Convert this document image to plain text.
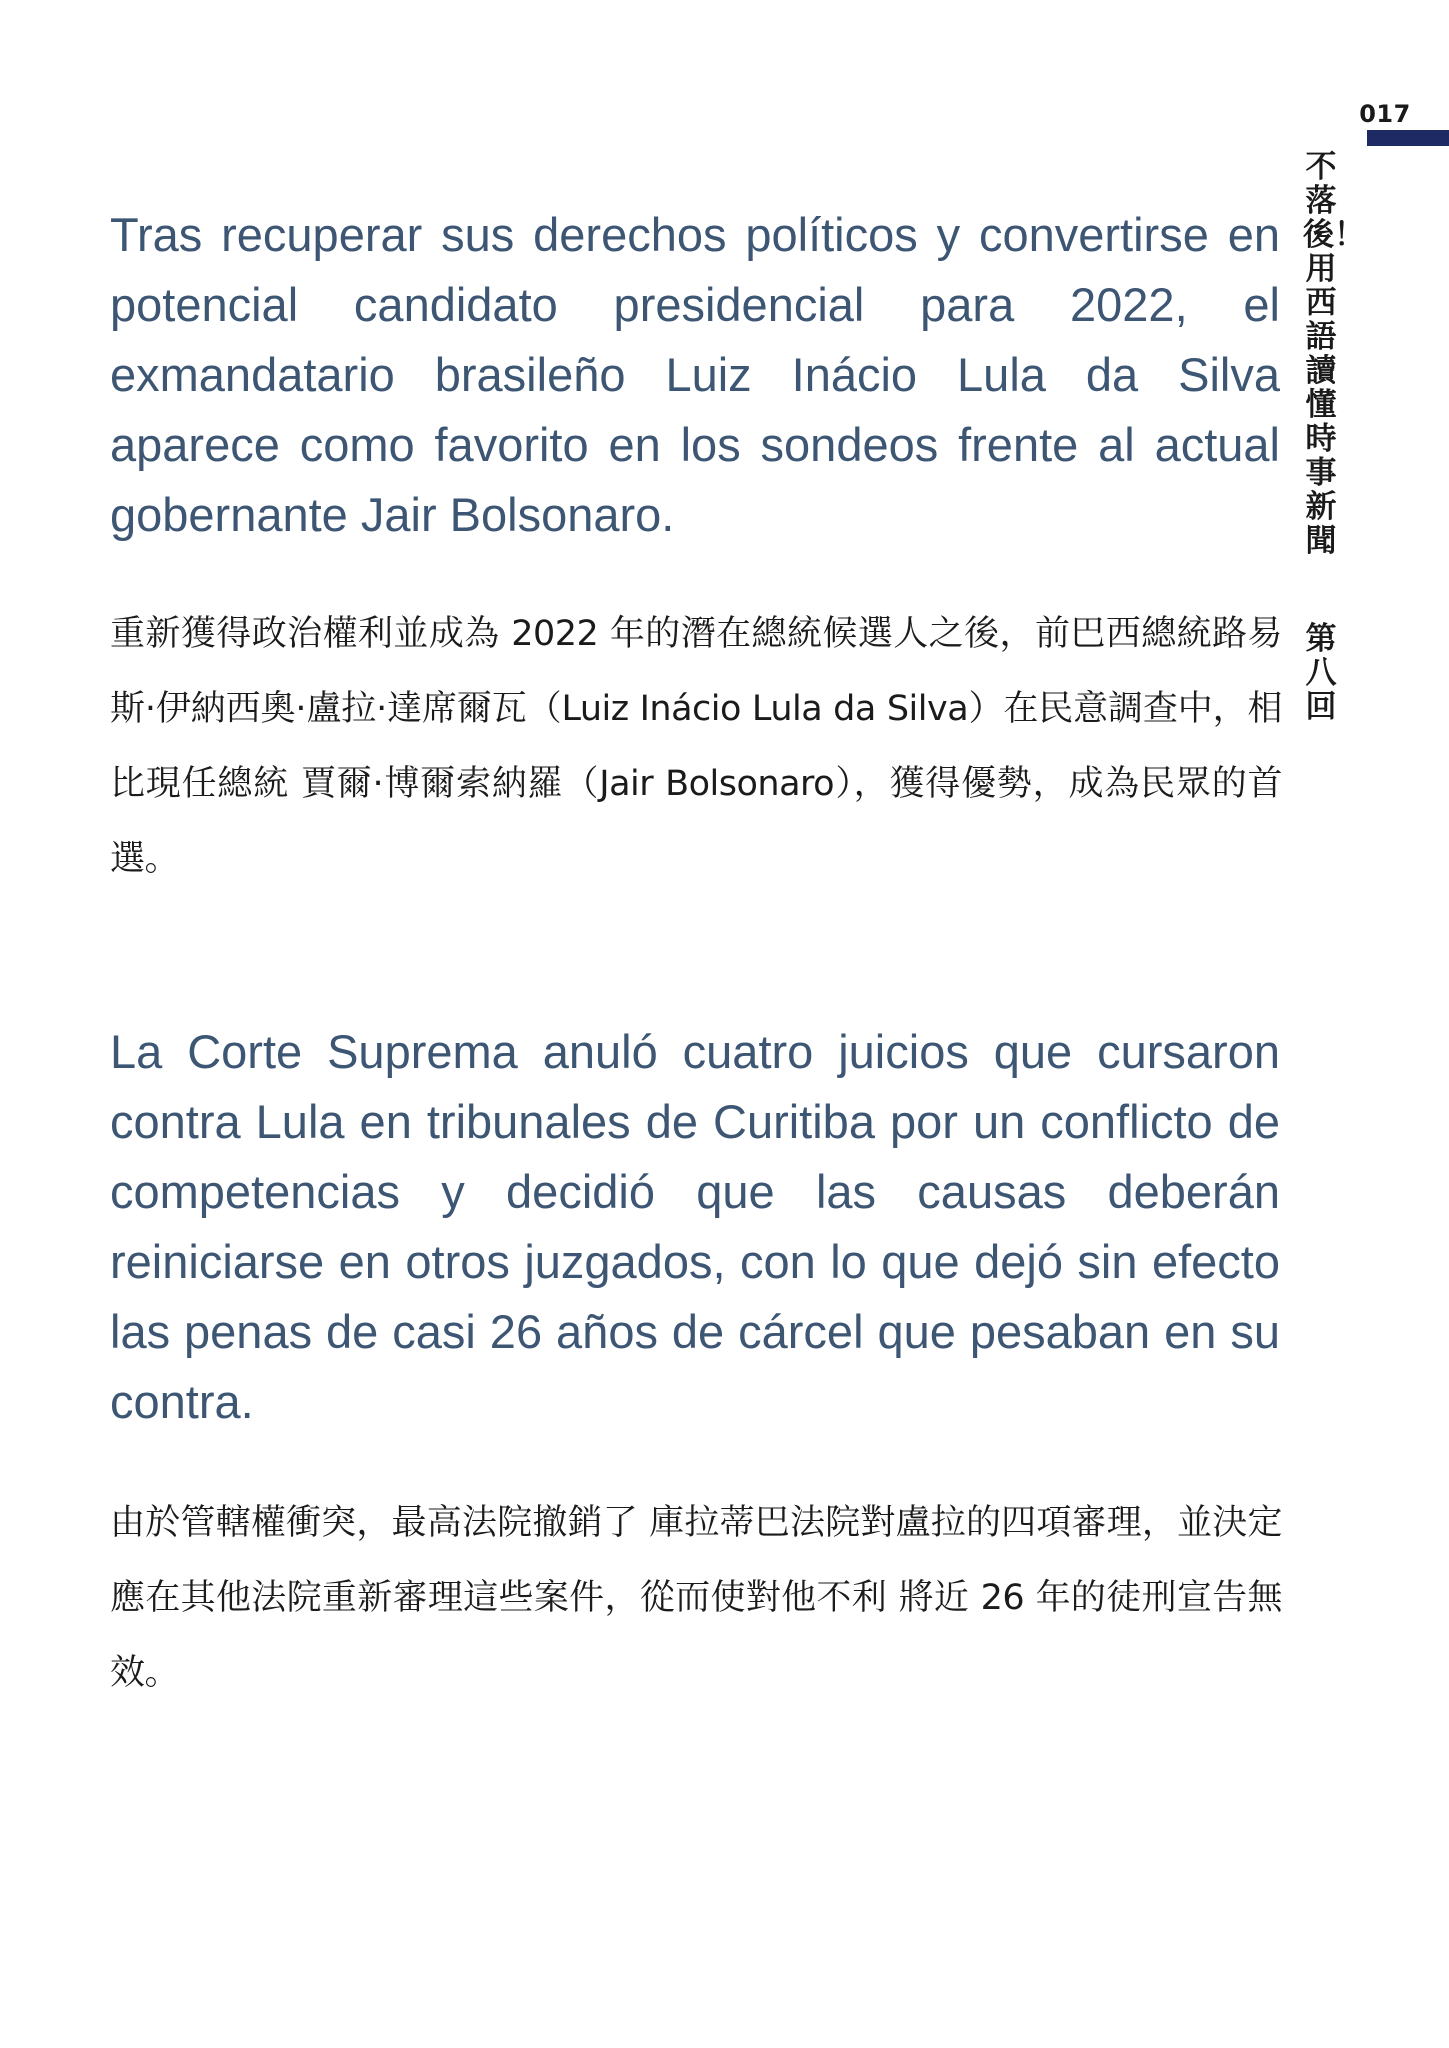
017
不落後！用西語讀懂時事新聞
第八回

Tras recuperar sus derechos políticos y convertirse en potencial candidato presidencial para 2022, el exmandatario brasileño Luiz Inácio Lula da Silva aparece como favorito en los sondeos frente al actual gobernante Jair Bolsonaro.

重新獲得政治權利並成為 2022 年的潛在總統候選人之後，前巴西總統路易斯·伊納西奧·盧拉·達席爾瓦（Luiz Inácio Lula da Silva）在民意調查中，相比現任總統 賈爾·博爾索納羅（Jair Bolsonaro），獲得優勢，成為民眾的首選。

La Corte Suprema anuló cuatro juicios que cursaron contra Lula en tribunales de Curitiba por un conflicto de competencias y decidió que las causas deberán reiniciarse en otros juzgados, con lo que dejó sin efecto las penas de casi 26 años de cárcel que pesaban en su contra.

由於管轄權衝突，最高法院撤銷了 庫拉蒂巴法院對盧拉的四項審理，並決定應在其他法院重新審理這些案件，從而使對他不利 將近 26 年的徒刑宣告無效。
